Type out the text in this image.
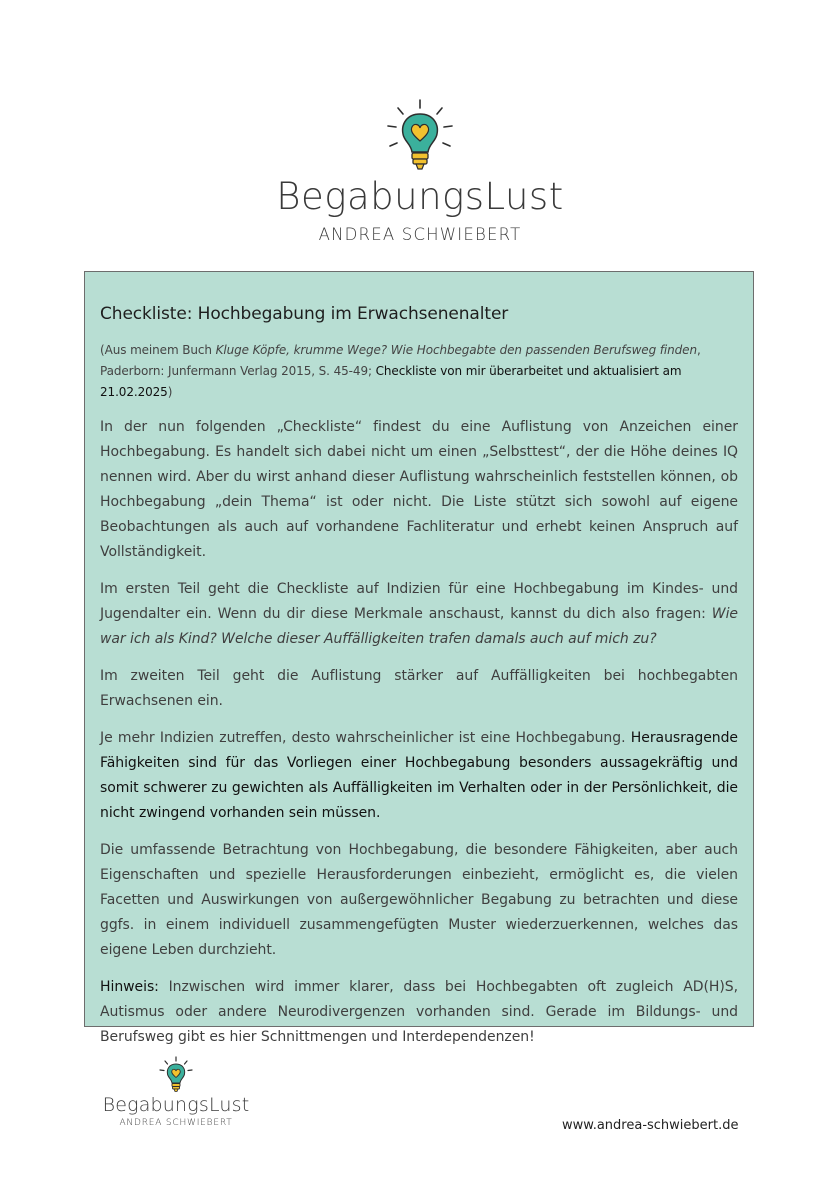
BegabungsLust
ANDREA SCHWIEBERT
Checkliste: Hochbegabung im Erwachsenenalter

(Aus meinem Buch Kluge Köpfe, krumme Wege? Wie Hochbegabte den passenden Berufsweg finden, Paderborn: Junfermann Verlag 2015, S. 45-49; Checkliste von mir überarbeitet und aktualisiert am 21.02.2025)

In der nun folgenden „Checkliste“ findest du eine Auflistung von Anzeichen einer Hochbegabung. Es handelt sich dabei nicht um einen „Selbsttest“, der die Höhe deines IQ nennen wird. Aber du wirst anhand dieser Auflistung wahrscheinlich feststellen können, ob Hochbegabung „dein Thema“ ist oder nicht. Die Liste stützt sich sowohl auf eigene Beobachtungen als auch auf vorhandene Fachliteratur und erhebt keinen Anspruch auf Vollständigkeit.

Im ersten Teil geht die Checkliste auf Indizien für eine Hochbegabung im Kindes- und Jugendalter ein. Wenn du dir diese Merkmale anschaust, kannst du dich also fragen: Wie war ich als Kind? Welche dieser Auffälligkeiten trafen damals auch auf mich zu?

Im zweiten Teil geht die Auflistung stärker auf Auffälligkeiten bei hochbegabten Erwachsenen ein.

Je mehr Indizien zutreffen, desto wahrscheinlicher ist eine Hochbegabung. Herausragende Fähigkeiten sind für das Vorliegen einer Hochbegabung besonders aussagekräftig und somit schwerer zu gewichten als Auffälligkeiten im Verhalten oder in der Persönlichkeit, die nicht zwingend vorhanden sein müssen.

Die umfassende Betrachtung von Hochbegabung, die besondere Fähigkeiten, aber auch Eigenschaften und spezielle Herausforderungen einbezieht, ermöglicht es, die vielen Facetten und Auswirkungen von außergewöhnlicher Begabung zu betrachten und diese ggfs. in einem individuell zusammengefügten Muster wiederzuerkennen, welches das eigene Leben durchzieht.

Hinweis: Inzwischen wird immer klarer, dass bei Hochbegabten oft zugleich AD(H)S, Autismus oder andere Neurodivergenzen vorhanden sind. Gerade im Bildungs- und Berufsweg gibt es hier Schnittmengen und Interdependenzen!

BegabungsLust
ANDREA SCHWIEBERT	www.andrea-schwiebert.de
